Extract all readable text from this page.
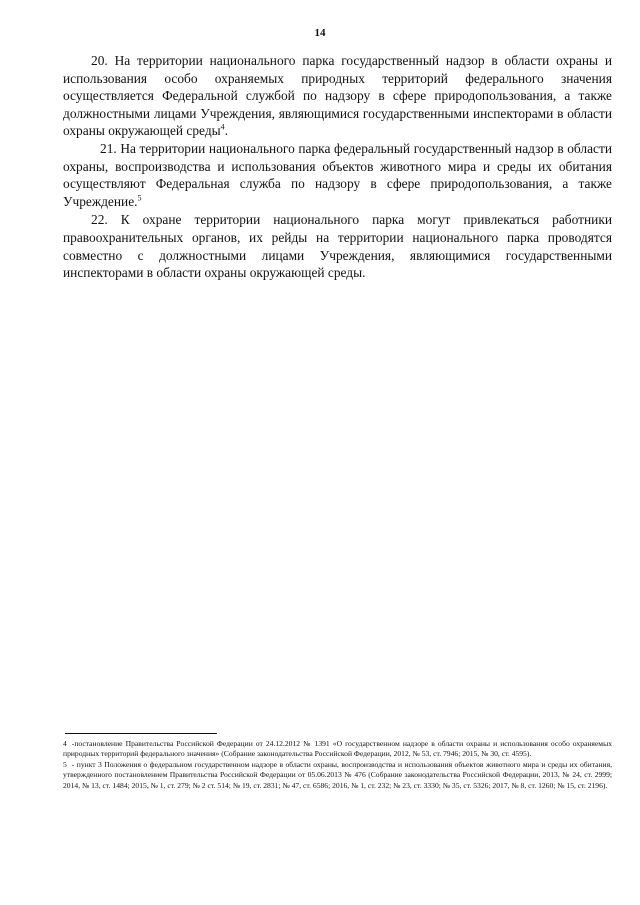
14

20. На территории национального парка государственный надзор в области охраны и использования особо охраняемых природных территорий федерального значения осуществляется Федеральной службой по надзору в сфере природопользования, а также должностными лицами Учреждения, являющимися государственными инспекторами в области охраны окружающей среды$^4$.

21. На территории национального парка федеральный государственный надзор в области охраны, воспроизводства и использования объектов животного мира и среды их обитания осуществляют Федеральная служба по надзору в сфере природопользования, а также Учреждение.$^5$

22. К охране территории национального парка могут привлекаться работники правоохранительных органов, их рейды на территории национального парка проводятся совместно с должностными лицами Учреждения, являющимися государственными инспекторами в области охраны окружающей среды.

4 -постановление Правительства Российской Федерации от 24.12.2012 № 1391 «О государственном надзоре в области охраны и использования особо охраняемых природных территорий федерального значения» (Собрание законодательства Российской Федерации, 2012, № 53, ст. 7946; 2015, № 30, ст. 4595).

5 - пункт 3 Положения о федеральном государственном надзоре в области охраны, воспроизводства и использования объектов животного мира и среды их обитания, утвержденного постановлением Правительства Российской Федерации от 05.06.2013 № 476 (Собрание законодательства Российской Федерации, 2013, № 24, ст. 2999; 2014, № 13, ст. 1484; 2015, № 1, ст. 279; № 2 ст. 514; № 19, ст. 2831; № 47, ст. 6586; 2016, № 1, ст. 232; № 23, ст. 3330; № 35, ст. 5326; 2017, № 8, ст. 1260; № 15, ст. 2196).
